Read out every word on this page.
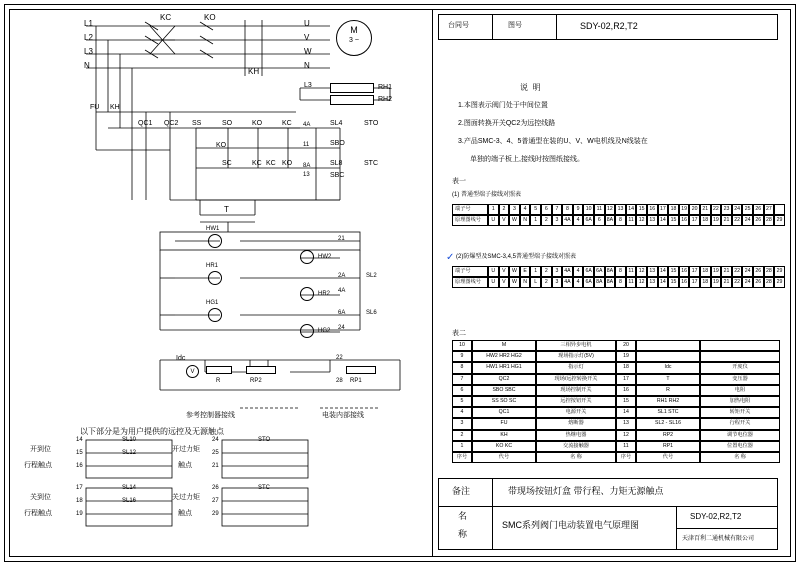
L1
L2
L3
N
KC	KO
KH
U
V
W
N
M
3 ~
L3	RH1
RH2
FU KH
QC1 QC2 SS	SO
SC
KO
KC
KO
KC
KO
KC
SL4	STO
SL8	STC
SBO
SBC
4A
11
8A
13
T
HW1
HW2
HR1
HR2
HG1
HG2
21
2A
4A
6A
24
SL2
SL6
Idc
V
R	RP2	RP1
22
28
参考控制器接线	电装内部接线
以下部分是为用户提供的远控及无源触点
开到位
行程触点
关到位
行程触点
开过力矩
触点
关过力矩
触点
14
15
16
SL10
SL12
17
18
19
SL14
SL16
24
25
21
STO
26
27
29
STC
台同号	图号	SDY-02,R2,T2
说  明
1.本图表示阀门处于中间位置
2.图面转换开关QC2为远控线路
3.产品SMC-3、4、5普通型在装的U、V、W电机线及N线装在
单独的端子板上,接线时按图纸接线。
表一
(1) 普通型端子接线对照表
端子号	1	2	3	4	5	6	7	8	9	10 11 12 13 14 15 16 17 18 19 20 21 22 23 24 25 26 27
原理图线号	U	V	W	N	1	2	3	4A	4	6A	6	8A	8	11 12 13 14 15 16 17 18 19 21 22 24 26 28 29
✓ (2)防爆型及SMC-3,4,5普通型端子接线对照表
端子号	U	V	W	E	1	2	3	4A	4	6A 6A 8A	8	11 12 13 14 15 16 17 18 19 21 22 24 26 28 29
原理图线号	U	V	W	N	L	2	3	4A	4	6A 8A 8A	8	11 12 13 14 15 16 17 18 19 21 22 24 26 28 29
表二
10	M	三相异步电机	20
9	HW2 HR2 HG2	现场指示灯(5V)	19
8	HW1 HR1 HG1	指示灯	18	Idc	开度仪
7	QC2	现场/远控转换开关	17	T	变压器
6	SBO SBC	现场控制开关	16	R	电阻
5	SS SO SC	远控按钮开关	15	RH1 RH2	加热电阻
4	QC1	电源开关	14	SL1 STC	转矩开关
3	FU	熔断器	13	SL2 - SL16	行程开关
2	KH	热继电器	12	RP2	调节电位器
1	KO KC	交流接触器	11	RP1	位置电位器
序号	代号	名 称	序号	代号	名 称
备注	带现场按钮灯盒 带行程、力矩无源触点
名
称
SMC系列阀门电动装置电气原理图
SDY-02,R2,T2
天津百利二通机械有限公司
